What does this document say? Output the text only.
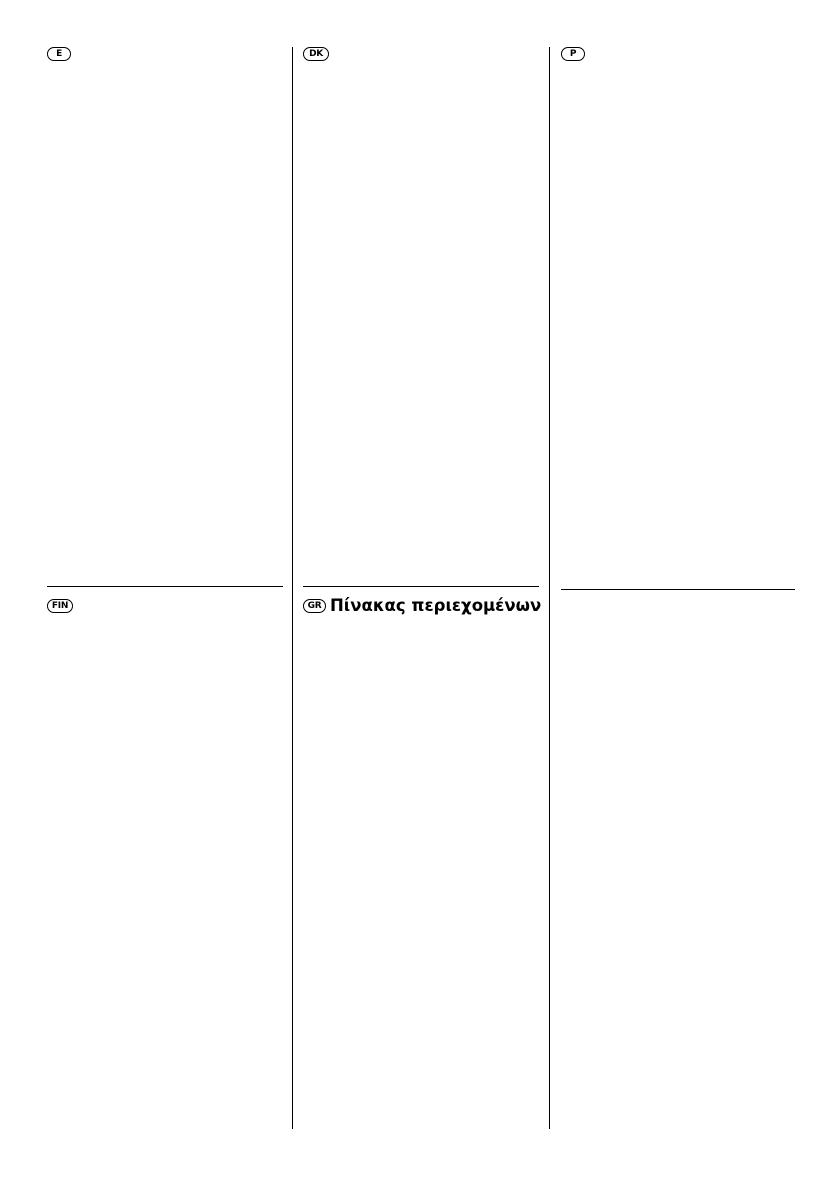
E	DK	P
FIN	GR Πίνακας περιεχομένων
